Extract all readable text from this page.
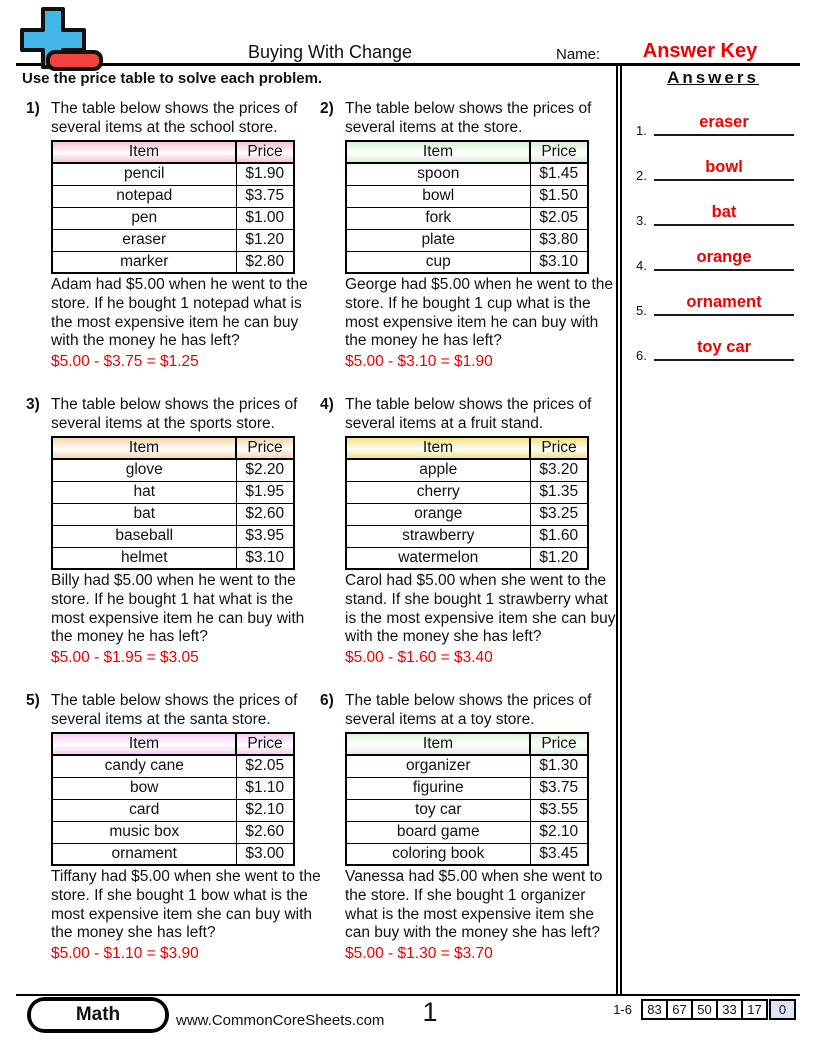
Buying With Change	Name:	Answer Key
Use the price table to solve each problem.	Answers
1.	eraser
2.	bowl
3.	bat
4.	orange
5.	ornament
6.	toy car
1) The table below shows the prices of several items at the school store.
Item	Price
pencil	$1.90
notepad	$3.75
pen	$1.00
eraser	$1.20
marker	$2.80
Adam had $5.00 when he went to the store. If he bought 1 notepad what is the most expensive item he can buy with the money he has left?
$5.00 - $3.75 = $1.25
2) The table below shows the prices of several items at the store.
Item	Price
spoon	$1.45
bowl	$1.50
fork	$2.05
plate	$3.80
cup	$3.10
George had $5.00 when he went to the store. If he bought 1 cup what is the most expensive item he can buy with the money he has left?
$5.00 - $3.10 = $1.90
3) The table below shows the prices of several items at the sports store.
Item	Price
glove	$2.20
hat	$1.95
bat	$2.60
baseball	$3.95
helmet	$3.10
Billy had $5.00 when he went to the store. If he bought 1 hat what is the most expensive item he can buy with the money he has left?
$5.00 - $1.95 = $3.05
4) The table below shows the prices of several items at a fruit stand.
Item	Price
apple	$3.20
cherry	$1.35
orange	$3.25
strawberry	$1.60
watermelon	$1.20
Carol had $5.00 when she went to the stand. If she bought 1 strawberry what is the most expensive item she can buy with the money she has left?
$5.00 - $1.60 = $3.40
5) The table below shows the prices of several items at the santa store.
Item	Price
candy cane	$2.05
bow	$1.10
card	$2.10
music box	$2.60
ornament	$3.00
Tiffany had $5.00 when she went to the store. If she bought 1 bow what is the most expensive item she can buy with the money she has left?
$5.00 - $1.10 = $3.90
6) The table below shows the prices of several items at a toy store.
Item	Price
organizer	$1.30
figurine	$3.75
toy car	$3.55
board game	$2.10
coloring book	$3.45
Vanessa had $5.00 when she went to the store. If she bought 1 organizer what is the most expensive item she can buy with the money she has left?
$5.00 - $1.30 = $3.70
Math	www.CommonCoreSheets.com	1	1-6	83 67 50 33 17	0
